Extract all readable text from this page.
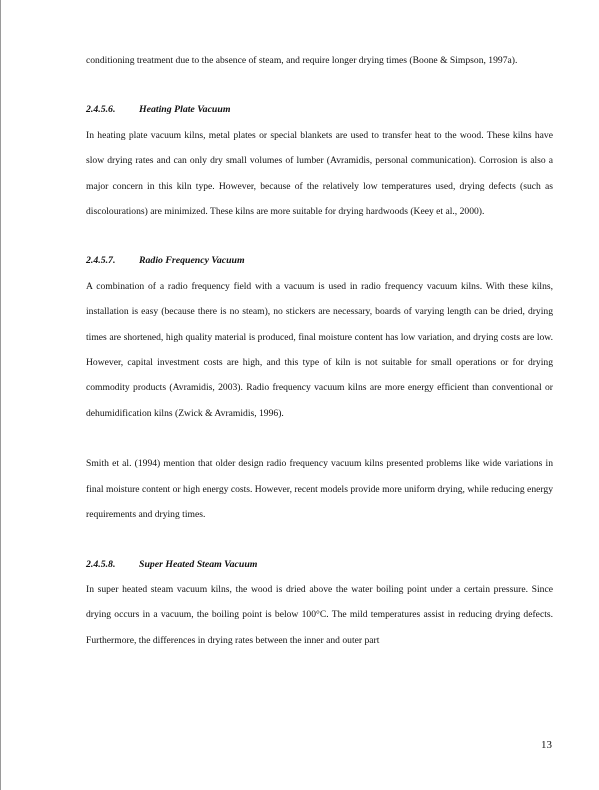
conditioning treatment due to the absence of steam, and require longer drying times (Boone & Simpson, 1997a).

2.4.5.6. Heating Plate Vacuum

In heating plate vacuum kilns, metal plates or special blankets are used to transfer heat to the wood. These kilns have slow drying rates and can only dry small volumes of lumber (Avramidis, personal communication). Corrosion is also a major concern in this kiln type. However, because of the relatively low temperatures used, drying defects (such as discolourations) are minimized. These kilns are more suitable for drying hardwoods (Keey et al., 2000).

2.4.5.7. Radio Frequency Vacuum

A combination of a radio frequency field with a vacuum is used in radio frequency vacuum kilns. With these kilns, installation is easy (because there is no steam), no stickers are necessary, boards of varying length can be dried, drying times are shortened, high quality material is produced, final moisture content has low variation, and drying costs are low. However, capital investment costs are high, and this type of kiln is not suitable for small operations or for drying commodity products (Avramidis, 2003). Radio frequency vacuum kilns are more energy efficient than conventional or dehumidification kilns (Zwick & Avramidis, 1996).

Smith et al. (1994) mention that older design radio frequency vacuum kilns presented problems like wide variations in final moisture content or high energy costs. However, recent models provide more uniform drying, while reducing energy requirements and drying times.

2.4.5.8. Super Heated Steam Vacuum

In super heated steam vacuum kilns, the wood is dried above the water boiling point under a certain pressure. Since drying occurs in a vacuum, the boiling point is below 100°C. The mild temperatures assist in reducing drying defects. Furthermore, the differences in drying rates between the inner and outer part

13
